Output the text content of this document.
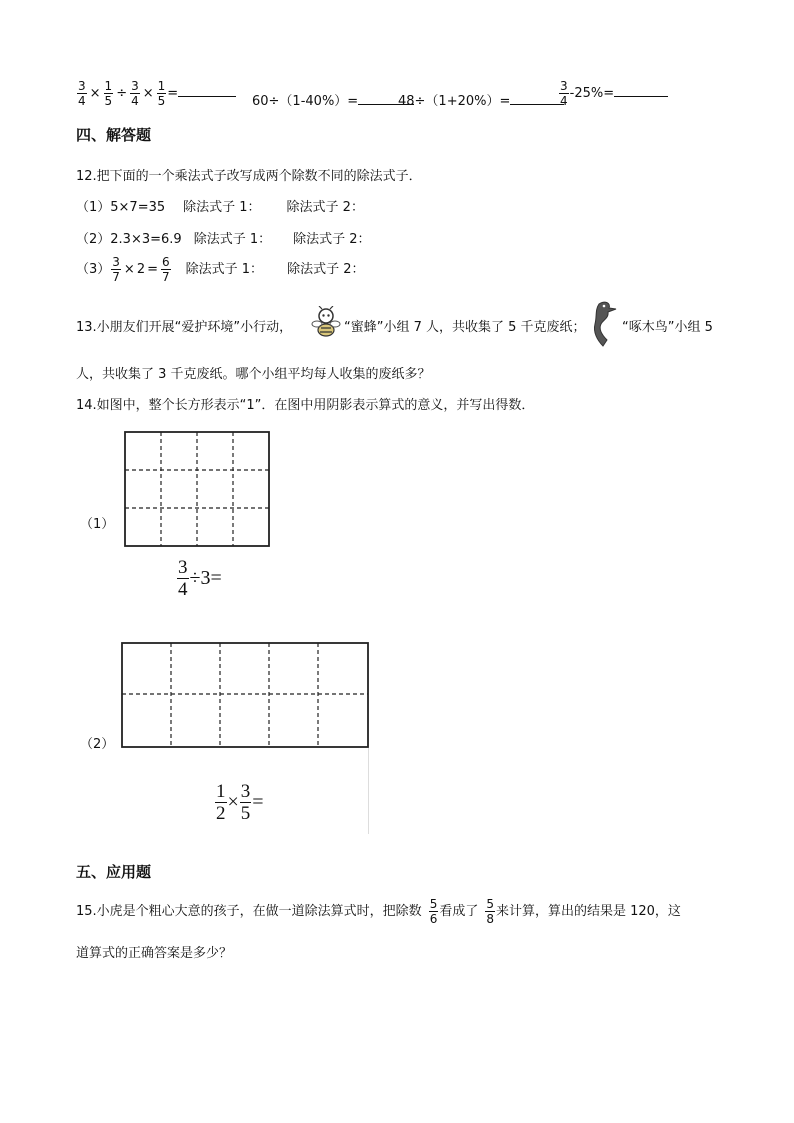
$\frac{3}{4} \times \frac{1}{5} \div \frac{3}{4} \times \frac{1}{5}$ =
60÷（1-40%）=	48÷（1+20%）=	$\frac{3}{4} -25\%=$
四、解答题
12.把下面的一个乘法式子改写成两个除数不同的除法式子．
（1）5×7=35 除法式子 1： 除法式子 2：
（2）2.3×3=6.9 除法式子 1： 除法式子 2：
$(3) \frac{3}{7} \times 2 = \frac{6}{7}$ 除法式子 1： 除法式子 2：
13.小朋友们开展“爱护环境”小行动，	“蜜蜂”小组 7 人，共收集了 5 千克废纸；	“啄木鸟”小组 5
人，共收集了 3 千克废纸。哪个小组平均每人收集的废纸多？
14.如图中，整个长方形表示“1”．在图中用阴影表示算式的意义，并写出得数．
（1）
$\frac{3}{4} \div 3=$
（2）
$\frac{1}{2} \times \frac{3}{5}$ =
五、应用题
15.小虎是个粗心大意的孩子，在做一道除法算式时，把除数 $\frac{5}{6}$ 看成了 $\frac{5}{8}$ 来计算，算出的结果是 120，这
道算式的正确答案是多少？
